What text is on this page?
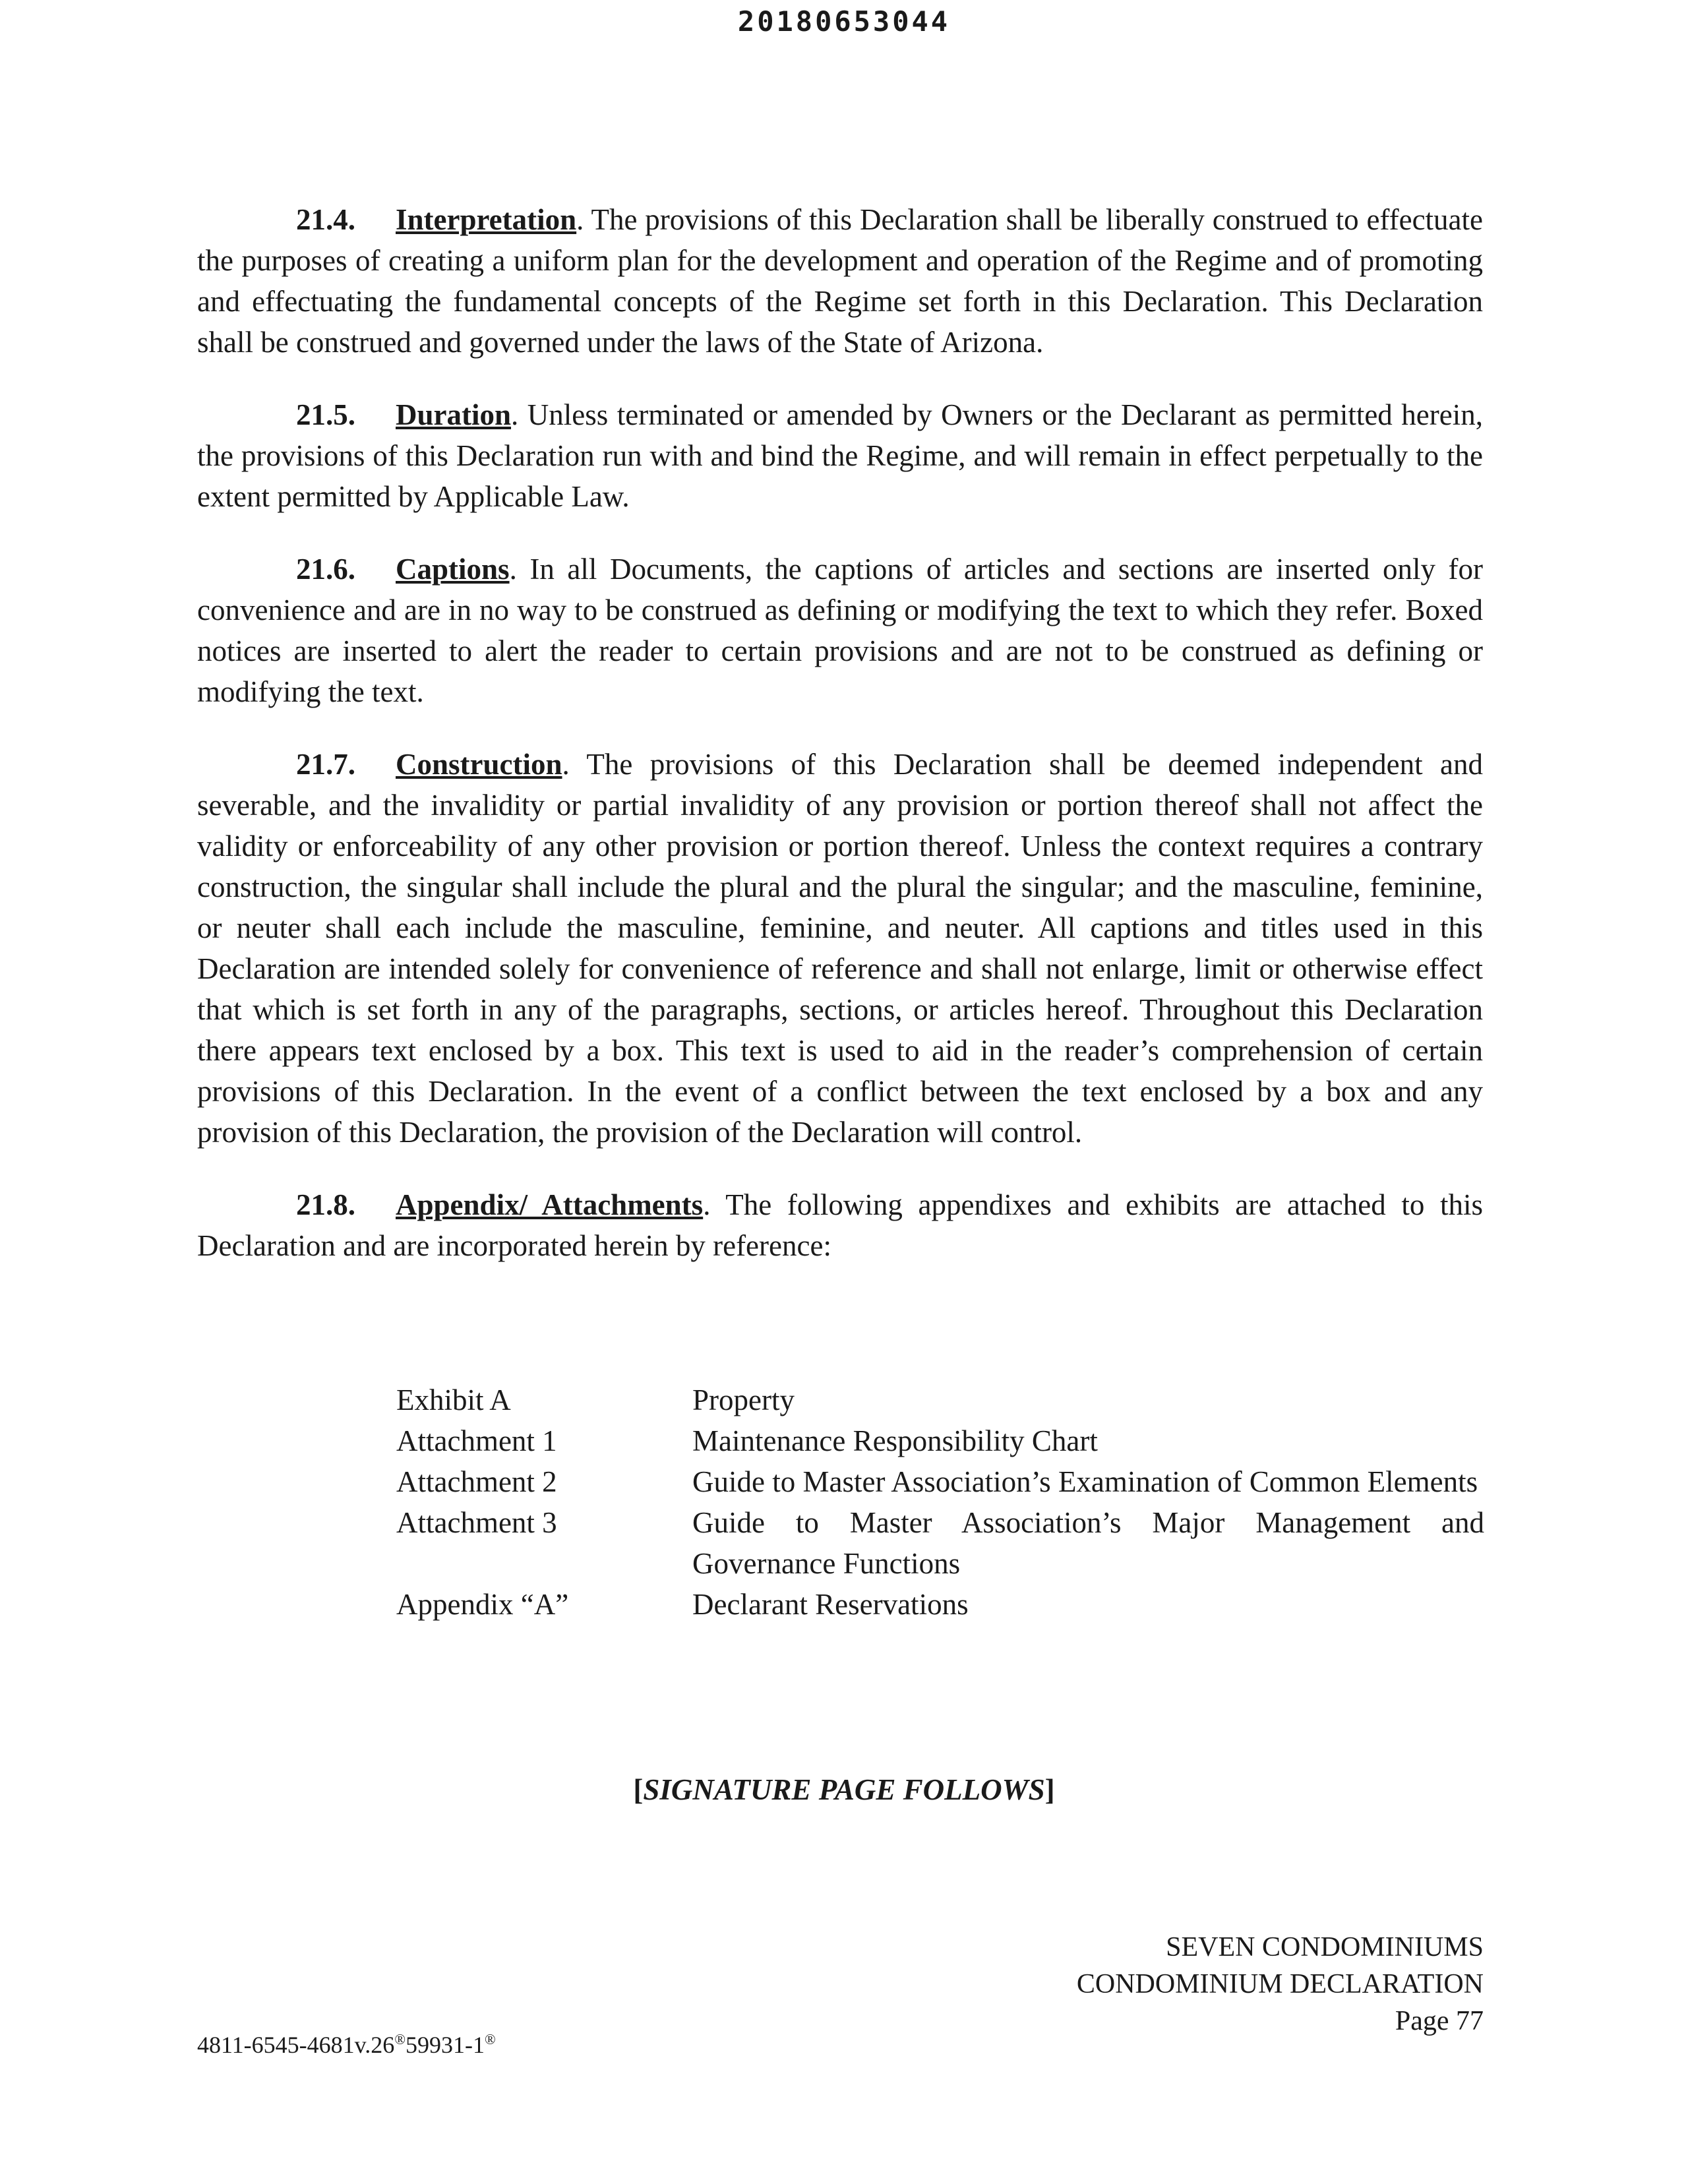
20180653044

21.4. Interpretation. The provisions of this Declaration shall be liberally construed to effectuate the purposes of creating a uniform plan for the development and operation of the Regime and of promoting and effectuating the fundamental concepts of the Regime set forth in this Declaration. This Declaration shall be construed and governed under the laws of the State of Arizona.

21.5. Duration. Unless terminated or amended by Owners or the Declarant as permitted herein, the provisions of this Declaration run with and bind the Regime, and will remain in effect perpetually to the extent permitted by Applicable Law.

21.6. Captions. In all Documents, the captions of articles and sections are inserted only for convenience and are in no way to be construed as defining or modifying the text to which they refer. Boxed notices are inserted to alert the reader to certain provisions and are not to be construed as defining or modifying the text.

21.7. Construction. The provisions of this Declaration shall be deemed independent and severable, and the invalidity or partial invalidity of any provision or portion thereof shall not affect the validity or enforceability of any other provision or portion thereof. Unless the context requires a contrary construction, the singular shall include the plural and the plural the singular; and the masculine, feminine, or neuter shall each include the masculine, feminine, and neuter. All captions and titles used in this Declaration are intended solely for convenience of reference and shall not enlarge, limit or otherwise effect that which is set forth in any of the paragraphs, sections, or articles hereof. Throughout this Declaration there appears text enclosed by a box. This text is used to aid in the reader’s comprehension of certain provisions of this Declaration. In the event of a conflict between the text enclosed by a box and any provision of this Declaration, the provision of the Declaration will control.

21.8. Appendix/ Attachments. The following appendixes and exhibits are attached to this Declaration and are incorporated herein by reference:

Exhibit A	Property
Attachment 1	Maintenance Responsibility Chart
Attachment 2	Guide to Master Association’s Examination of Common Elements
Attachment 3	Guide to Master Association’s Major Management and Governance Functions
Appendix “A”	Declarant Reservations
[SIGNATURE PAGE FOLLOWS]
SEVEN CONDOMINIUMS
CONDOMINIUM DECLARATION
Page 77
4811-6545-4681v.26®59931-1®
